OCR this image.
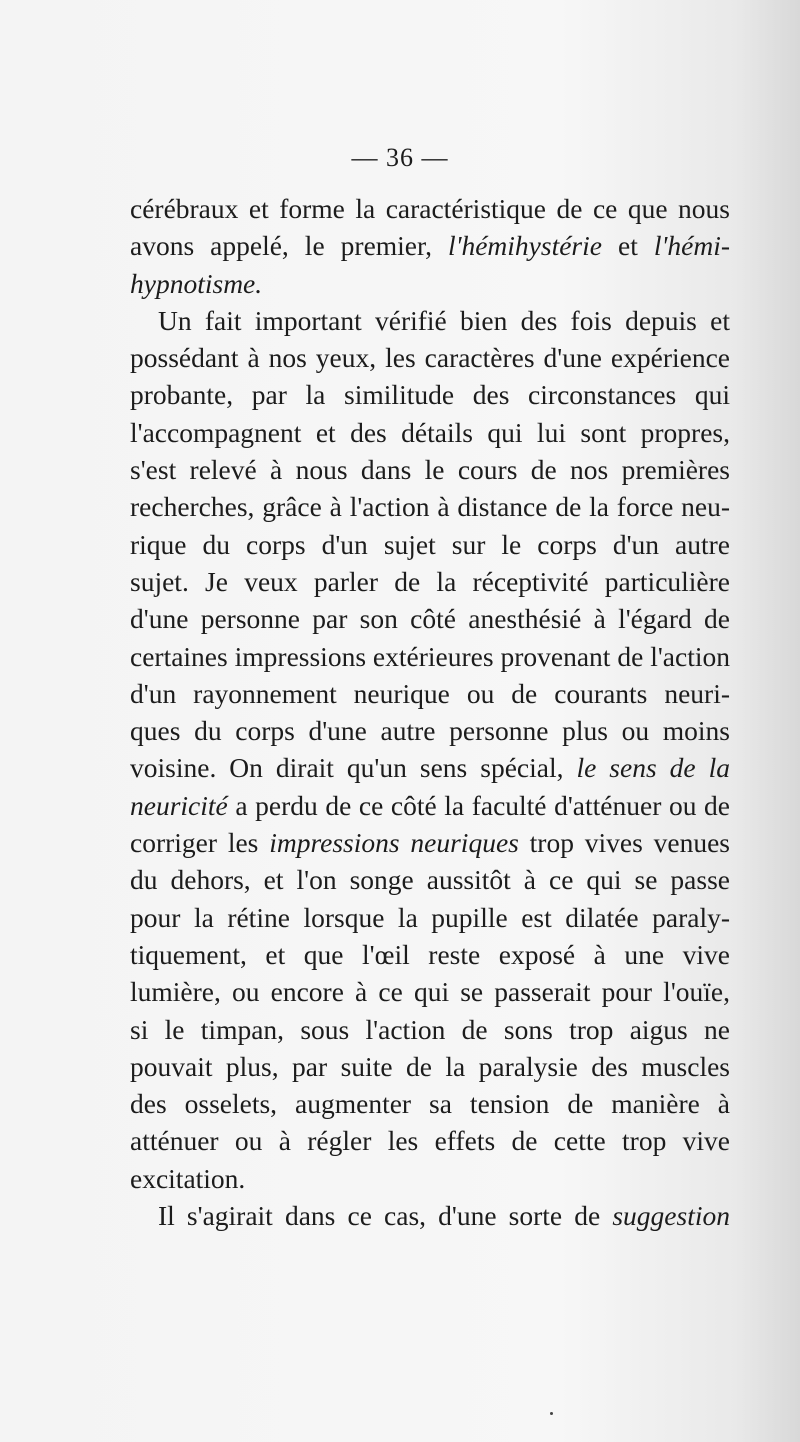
— 36 —
cérébraux et forme la caractéristique de ce que nous
avons appelé, le premier, l'hémihystérie et l'hémi-
hypnotisme.
Un fait important vérifié bien des fois depuis et
possédant à nos yeux, les caractères d'une expérience
probante, par la similitude des circonstances qui
l'accompagnent et des détails qui lui sont propres,
s'est relevé à nous dans le cours de nos premières
recherches, grâce à l'action à distance de la force neu-
rique du corps d'un sujet sur le corps d'un autre
sujet. Je veux parler de la réceptivité particulière
d'une personne par son côté anesthésié à l'égard de
certaines impressions extérieures provenant de l'action
d'un rayonnement neurique ou de courants neuri-
ques du corps d'une autre personne plus ou moins
voisine. On dirait qu'un sens spécial, le sens de la
neuricité a perdu de ce côté la faculté d'atténuer ou de
corriger les impressions neuriques trop vives venues
du dehors, et l'on songe aussitôt à ce qui se passe
pour la rétine lorsque la pupille est dilatée paraly-
tiquement, et que l'œil reste exposé à une vive
lumière, ou encore à ce qui se passerait pour l'ouïe,
si le timpan, sous l'action de sons trop aigus ne
pouvait plus, par suite de la paralysie des muscles
des osselets, augmenter sa tension de manière à
atténuer ou à régler les effets de cette trop vive
excitation.
Il s'agirait dans ce cas, d'une sorte de suggestion
